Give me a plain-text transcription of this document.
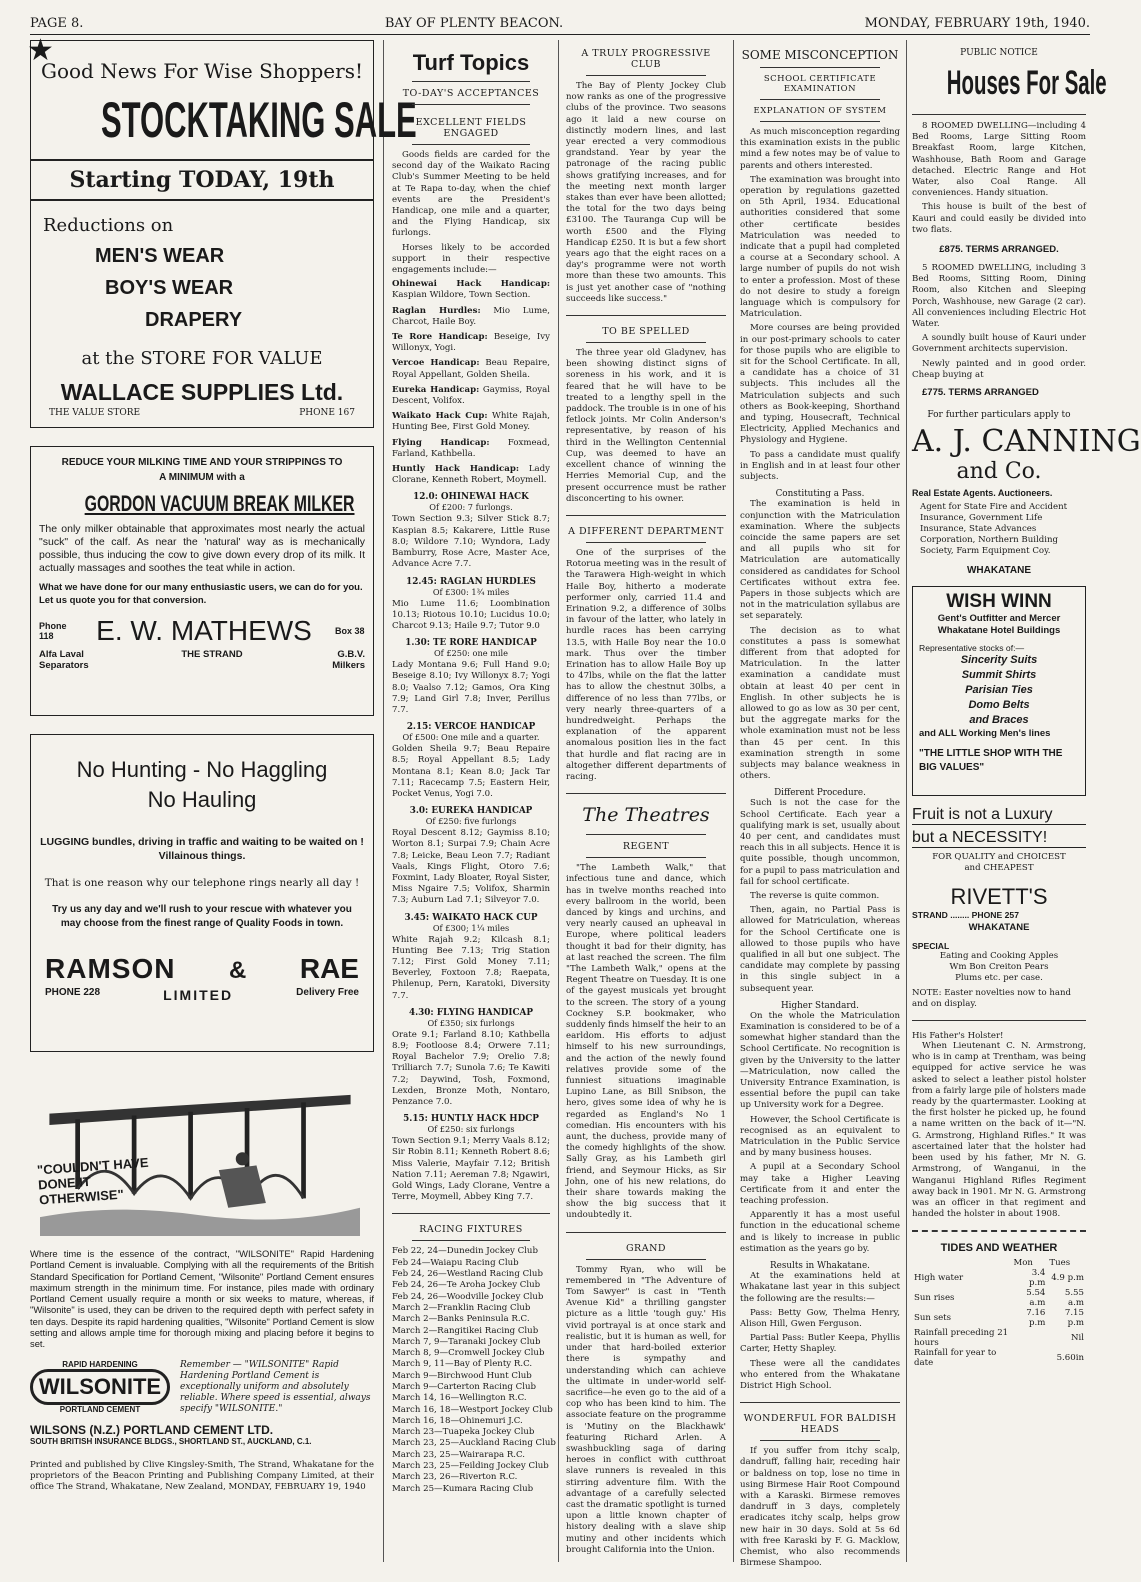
PAGE 8.	BAY OF PLENTY BEACON.	MONDAY, FEBRUARY 19th, 1940.
★
Good News For Wise Shoppers!
STOCKTAKING SALE
Starting TODAY, 19th
Reductions on
MEN'S WEAR
BOY'S WEAR
DRAPERY
at the STORE FOR VALUE
WALLACE SUPPLIES Ltd.
THE VALUE STORE	PHONE 167
REDUCE YOUR MILKING TIME AND YOUR STRIPPINGS TO A MINIMUM with a
GORDON VACUUM BREAK MILKER
The only milker obtainable that approximates most nearly the actual "suck" of the calf. As near the 'natural' way as is mechanically possible, thus inducing the cow to give down every drop of its milk. It actually massages and soothes the teat while in action.
What we have done for our many enthusiastic users, we can do for you. Let us quote you for that conversion.
Phone 118	E. W. MATHEWS	Box 38
Alfa Laval Separators
THE STRAND	G.B.V. Milkers
No Hunting - No Haggling
No Hauling
LUGGING bundles, driving in traffic and waiting to be waited on ! Villainous things.
That is one reason why our telephone rings nearly all day !
Try us any day and we'll rush to your rescue with whatever you may choose from the finest range of Quality Foods in town.
RAMSON & RAE
PHONE 228	LIMITED	Delivery Free
"COULDN'T HAVE DONE IT OTHERWISE"
Where time is the essence of the contract, "WILSONITE" Rapid Hardening Portland Cement is invaluable. Complying with all the requirements of the British Standard Specification for Portland Cement, "Wilsonite" Portland Cement ensures maximum strength in the minimum time. For instance, piles made with ordinary Portland Cement usually require a month or six weeks to mature, whereas, if "Wilsonite" is used, they can be driven to the required depth with perfect safety in ten days. Despite its rapid hardening qualities, "Wilsonite" Portland Cement is slow setting and allows ample time for thorough mixing and placing before it begins to set.
RAPID HARDENING
WILSONITE
PORTLAND CEMENT
Remember — "WILSONITE" Rapid Hardening Portland Cement is exceptionally uniform and absolutely reliable. Where speed is essential, always specify "WILSONITE."
WILSONS (N.Z.) PORTLAND CEMENT LTD.
SOUTH BRITISH INSURANCE BLDGS., SHORTLAND ST., AUCKLAND, C.1.
Printed and published by Clive Kingsley-Smith, The Strand, Whakatane for the proprietors of the Beacon Printing and Publishing Company Limited, at their office The Strand, Whakatane, New Zealand, MONDAY, FEBRUARY 19, 1940
Turf Topics
TO-DAY'S ACCEPTANCES
EXCELLENT FIELDS ENGAGED

Goods fields are carded for the second day of the Waikato Racing Club's Summer Meeting to be held at Te Rapa to-day, when the chief events are the President's Handicap, one mile and a quarter, and the Flying Handicap, six furlongs.

Horses likely to be accorded support in their respective engagements include:—

Ohinewai Hack Handicap: Kaspian Wildore, Town Section.

Raglan Hurdles: Mio Lume, Charcot, Haile Boy.

Te Rore Handicap: Beseige, Ivy Willonyx, Yogi.

Vercoe Handicap: Beau Repaire, Royal Appellant, Golden Sheila.

Eureka Handicap: Gaymiss, Royal Descent, Volifox.

Waikato Hack Cup: White Rajah, Hunting Bee, First Gold Money.

Flying Handicap: Foxmead, Farland, Kathbella.

Huntly Hack Handicap: Lady Clorane, Kenneth Robert, Moymell.

12.0: OHINEWAI HACK
Of £200: 7 furlongs.

Town Section 9.3; Silver Stick 8.7; Kaspian 8.5; Kakarere, Little Ruse 8.0; Wildore 7.10; Wyndora, Lady Bamburry, Rose Acre, Master Ace, Advance Acre 7.7.

12.45: RAGLAN HURDLES
Of £300: 1¾ miles

Mio Lume 11.6; Loombination 10.13; Riotous 10.10; Lucidus 10.0; Charcot 9.13; Haile 9.7; Tutor 9.0

1.30: TE RORE HANDICAP
Of £250: one mile

Lady Montana 9.6; Full Hand 9.0; Beseige 8.10; Ivy Willonyx 8.7; Yogi 8.0; Vaalso 7.12; Gamos, Ora King 7.9; Land Girl 7.8; Inver, Perillus 7.7.

2.15: VERCOE HANDICAP
Of £500: One mile and a quarter.

Golden Sheila 9.7; Beau Repaire 8.5; Royal Appellant 8.5; Lady Montana 8.1; Kean 8.0; Jack Tar 7.11; Racecamp 7.5; Eastern Heir, Pocket Venus, Yogi 7.0.

3.0: EUREKA HANDICAP
Of £250: five furlongs

Royal Descent 8.12; Gaymiss 8.10; Worton 8.1; Surpai 7.9; Chain Acre 7.8; Leicke, Beau Leon 7.7; Radiant Vaals, Kings Flight, Otoro 7.6; Foxmint, Lady Bloater, Royal Sister, Miss Ngaire 7.5; Volifox, Sharmin 7.3; Auburn Lad 7.1; Silveyor 7.0.

3.45: WAIKATO HACK CUP
Of £300; 1¼ miles

White Rajah 9.2; Kilcash 8.1; Hunting Bee 7.13; Trig Station 7.12; First Gold Money 7.11; Beverley, Foxtoon 7.8; Raepata, Philenup, Pern, Karatoki, Diversity 7.7.

4.30: FLYING HANDICAP
Of £350; six furlongs

Orate 9.1; Farland 8.10; Kathbella 8.9; Footloose 8.4; Orwere 7.11; Royal Bachelor 7.9; Orelio 7.8; Trilliarch 7.7; Sunola 7.6; Te Kawiti 7.2; Daywind, Tosh, Foxmond, Lexden, Bronze Moth, Nontaro, Penzance 7.0.

5.15: HUNTLY HACK HDCP
Of £250: six furlongs

Town Section 9.1; Merry Vaals 8.12; Sir Robin 8.11; Kenneth Robert 8.6; Miss Valerie, Mayfair 7.12; British Nation 7.11; Aereman 7.8; Ngawiri, Gold Wings, Lady Clorane, Ventre a Terre, Moymell, Abbey King 7.7.

RACING FIXTURES
Feb 22, 24—Dunedin Jockey Club
Feb 24—Waiapu Racing Club
Feb 24, 26—Westland Racing Club
Feb 24, 26—Te Aroha Jockey Club
Feb 24, 26—Woodville Jockey Club
March 2—Franklin Racing Club
March 2—Banks Peninsula R.C.
March 2—Rangitikei Racing Club
March 7, 9—Taranaki Jockey Club
March 8, 9—Cromwell Jockey Club
March 9, 11—Bay of Plenty R.C.
March 9—Birchwood Hunt Club
March 9—Carterton Racing Club
March 14, 16—Wellington R.C.
March 16, 18—Westport Jockey Club
March 16, 18—Ohinemuri J.C.
March 23—Tuapeka Jockey Club
March 23, 25—Auckland Racing Club
March 23, 25—Wairarapa R.C.
March 23, 25—Feilding Jockey Club
March 23, 26—Riverton R.C.
March 25—Kumara Racing Club
A TRULY PROGRESSIVE CLUB

The Bay of Plenty Jockey Club now ranks as one of the progressive clubs of the province. Two seasons ago it laid a new course on distinctly modern lines, and last year erected a very commodious grandstand. Year by year the patronage of the racing public shows gratifying increases, and for the meeting next month larger stakes than ever have been allotted; the total for the two days being £3100. The Tauranga Cup will be worth £500 and the Flying Handicap £250. It is but a few short years ago that the eight races on a day's programme were not worth more than these two amounts. This is just yet another case of "nothing succeeds like success."

TO BE SPELLED

The three year old Gladynev, has been showing distinct signs of soreness in his work, and it is feared that he will have to be treated to a lengthy spell in the paddock. The trouble is in one of his fetlock joints. Mr Colin Anderson's representative, by reason of his third in the Wellington Centennial Cup, was deemed to have an excellent chance of winning the Herries Memorial Cup, and the present occurrence must be rather disconcerting to his owner.

A DIFFERENT DEPARTMENT

One of the surprises of the Rotorua meeting was in the result of the Tarawera High-weight in which Haile Boy, hitherto a moderate performer only, carried 11.4 and Erination 9.2, a difference of 30lbs in favour of the latter, who lately in hurdle races has been carrying 13.5, with Haile Boy near the 10.0 mark. Thus over the timber Erination has to allow Haile Boy up to 47lbs, while on the flat the latter has to allow the chestnut 30lbs, a difference of no less than 77lbs, or very nearly three-quarters of a hundredweight. Perhaps the explanation of the apparent anomalous position lies in the fact that hurdle and flat racing are in altogether different departments of racing.

The Theatres
REGENT

"The Lambeth Walk," that infectious tune and dance, which has in twelve months reached into every ballroom in the world, been danced by kings and urchins, and very nearly caused an upheaval in Europe, where political leaders thought it bad for their dignity, has at last reached the screen. The film "The Lambeth Walk," opens at the Regent Theatre on Tuesday. It is one of the gayest musicals yet brought to the screen. The story of a young Cockney S.P. bookmaker, who suddenly finds himself the heir to an earldom. His efforts to adjust himself to his new surroundings, and the action of the newly found relatives provide some of the funniest situations imaginable Lupino Lane, as Bill Snibson, the hero, gives some idea of why he is regarded as England's No 1 comedian. His encounters with his aunt, the duchess, provide many of the comedy highlights of the show. Sally Gray, as his Lambeth girl friend, and Seymour Hicks, as Sir John, one of his new relations, do their share towards making the show the big success that it undoubtedly it.

GRAND

Tommy Ryan, who will be remembered in "The Adventure of Tom Sawyer" is cast in "Tenth Avenue Kid" a thrilling gangster picture as a little 'tough guy.' His vivid portrayal is at once stark and realistic, but it is human as well, for under that hard-boiled exterior there is sympathy and understanding which can achieve the ultimate in under-world self-sacrifice—he even go to the aid of a cop who has been kind to him. The associate feature on the programme is 'Mutiny on the Blackhawk' featuring Richard Arlen. A swashbuckling saga of daring heroes in conflict with cutthroat slave runners is revealed in this stirring adventure film. With the advantage of a carefully selected cast the dramatic spotlight is turned upon a little known chapter of history dealing with a slave ship mutiny and other incidents which brought California into the Union.

SOME MISCONCEPTION
SCHOOL CERTIFICATE EXAMINATION
EXPLANATION OF SYSTEM

As much misconception regarding this examination exists in the public mind a few notes may be of value to parents and others interested.

The examination was brought into operation by regulations gazetted on 5th April, 1934. Educational authorities considered that some other certificate besides Matriculation was needed to indicate that a pupil had completed a course at a Secondary school. A large number of pupils do not wish to enter a profession. Most of these do not desire to study a foreign language which is compulsory for Matriculation.

More courses are being provided in our post-primary schools to cater for those pupils who are eligible to sit for the School Certificate. In all, a candidate has a choice of 31 subjects. This includes all the Matriculation subjects and such others as Book-keeping, Shorthand and typing, Housecraft, Technical Electricity, Applied Mechanics and Physiology and Hygiene.

To pass a candidate must qualify in English and in at least four other subjects.

Constituting a Pass.

The examination is held in conjunction with the Matriculation examination. Where the subjects coincide the same papers are set and all pupils who sit for Matriculation are automatically considered as candidates for School Certificates without extra fee. Papers in those subjects which are not in the matriculation syllabus are set separately.

The decision as to what constitutes a pass is somewhat different from that adopted for Matriculation. In the latter examination a candidate must obtain at least 40 per cent in English. In other subjects he is allowed to go as low as 30 per cent, but the aggregate marks for the whole examination must not be less than 45 per cent. In this examination strength in some subjects may balance weakness in others.

Different Procedure.

Such is not the case for the School Certificate. Each year a qualifying mark is set, usually about 40 per cent, and candidates must reach this in all subjects. Hence it is quite possible, though uncommon, for a pupil to pass matriculation and fail for school certificate.

The reverse is quite common.

Then, again, no Partial Pass is allowed for Matriculation, whereas for the School Certificate one is allowed to those pupils who have qualified in all but one subject. The candidate may complete by passing in this single subject in a subsequent year.

Higher Standard.

On the whole the Matriculation Examination is considered to be of a somewhat higher standard than the School Certificate. No recognition is given by the University to the latter—Matriculation, now called the University Entrance Examination, is essential before the pupil can take up University work for a Degree.

However, the School Certificate is recognised as an equivalent to Matriculation in the Public Service and by many business houses.

A pupil at a Secondary School may take a Higher Leaving Certificate from it and enter the teaching profession.

Apparently it has a most useful function in the educational scheme and is likely to increase in public estimation as the years go by.

Results in Whakatane.

At the examinations held at Whakatane last year in this subject the following are the results:—

Pass: Betty Gow, Thelma Henry, Alison Hill, Gwen Ferguson.

Partial Pass: Butler Keepa, Phyllis Carter, Hetty Shapley.

These were all the candidates who entered from the Whakatane District High School.

WONDERFUL FOR BALDISH HEADS

If you suffer from itchy scalp, dandruff, falling hair, receding hair or baldness on top, lose no time in using Birmese Hair Root Compound with a Karaski. Birmese removes dandruff in 3 days, completely eradicates itchy scalp, helps grow new hair in 30 days. Sold at 5s 6d with free Karaski by F. G. Macklow, Chemist, who also recommends Birmese Shampoo.

PUBLIC NOTICE
Houses For Sale

8 ROOMED DWELLING—including 4 Bed Rooms, Large Sitting Room Breakfast Room, large Kitchen, Washhouse, Bath Room and Garage detached. Electric Range and Hot Water, also Coal Range. All conveniences. Handy situation.

This house is built of the best of Kauri and could easily be divided into two flats.

£875. TERMS ARRANGED.

5 ROOMED DWELLING, including 3 Bed Rooms, Sitting Room, Dining Room, also Kitchen and Sleeping Porch, Washhouse, new Garage (2 car). All conveniences including Electric Hot Water.

A soundly built house of Kauri under Government architects supervision.

Newly painted and in good order. Cheap buying at

£775. TERMS ARRANGED
For further particulars apply to
A. J. CANNING
and Co.
Real Estate Agents. Auctioneers.
Agent for State Fire and Accident Insurance, Government Life Insurance, State Advances Corporation, Northern Building Society, Farm Equipment Coy.
WHAKATANE
WISH WINN
Gent's Outfitter and Mercer Whakatane Hotel Buildings
Representative stocks of:—
Sincerity Suits
Summit Shirts
Parisian Ties
Domo Belts
and Braces
and ALL Working Men's lines
"THE LITTLE SHOP WITH THE BIG VALUES"
Fruit is not a Luxury
but a NECESSITY!
FOR QUALITY and CHOICEST and CHEAPEST
RIVETT'S
STRAND ........ PHONE 257
WHAKATANE
SPECIAL
Eating and Cooking Apples
Wm Bon Creiton Pears
Plums etc. per case.
NOTE: Easter novelties now to hand and on display.
His Father's Holster!

When Lieutenant C. N. Armstrong, who is in camp at Trentham, was being equipped for active service he was asked to select a leather pistol holster from a fairly large pile of holsters made ready by the quartermaster. Looking at the first holster he picked up, he found a name written on the back of it—"N. G. Armstrong, Highland Rifles." It was ascertained later that the holster had been used by his father, Mr N. G. Armstrong, of Wanganui, in the Wanganui Highland Rifles Regiment away back in 1901. Mr N. G. Armstrong was an officer in that regiment and handed the holster in about 1908.

TIDES AND WEATHER
	Mon	Tues
High water	3.4 p.m	4.9 p.m
Sun rises	5.54 a.m	5.55 a.m
Sun sets	7.16 p.m	7.15 p.m
Rainfall preceding 21 hours		Nil
Rainfall for year to date		5.60in
